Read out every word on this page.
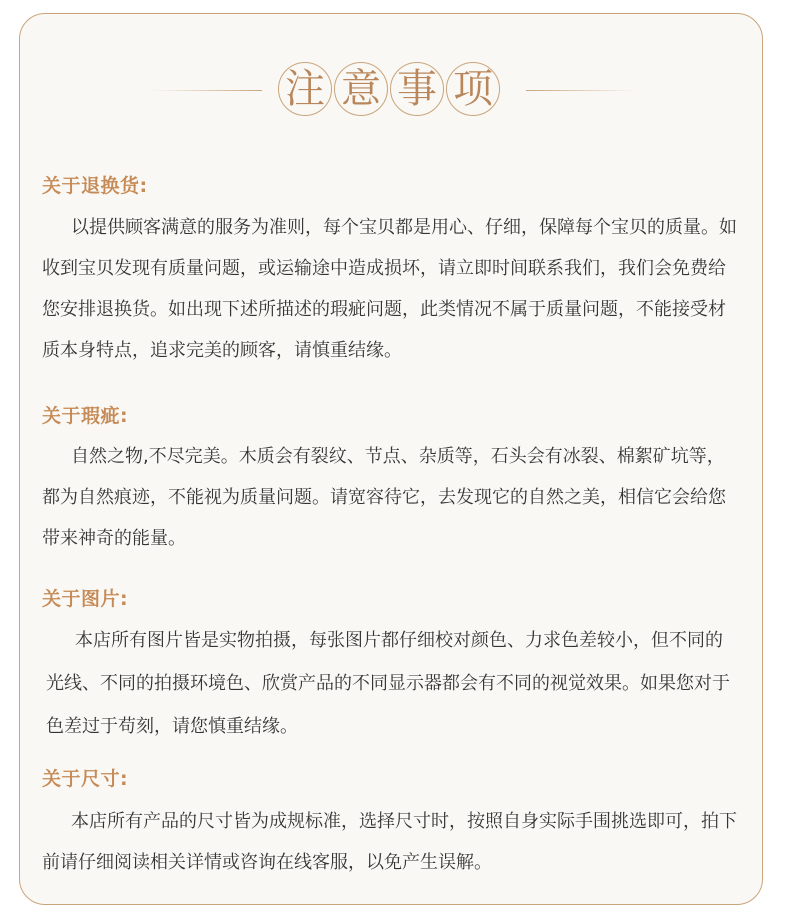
注 意 事 项
关于退换货:

以提供顾客满意的服务为准则，每个宝贝都是用心、仔细，保障每个宝贝的质量。如收到宝贝发现有质量问题，或运输途中造成损坏，请立即时间联系我们，我们会免费给您安排退换货。如出现下述所描述的瑕疵问题，此类情况不属于质量问题，不能接受材质本身特点，追求完美的顾客，请慎重结缘。

关于瑕疵:

自然之物,不尽完美。木质会有裂纹、节点、杂质等，石头会有冰裂、棉絮矿坑等，都为自然痕迹，不能视为质量问题。请宽容待它，去发现它的自然之美，相信它会给您带来神奇的能量。

关于图片:

本店所有图片皆是实物拍摄，每张图片都仔细校对颜色、力求色差较小，但不同的光线、不同的拍摄环境色、欣赏产品的不同显示器都会有不同的视觉效果。如果您对于色差过于苟刻，请您慎重结缘。

关于尺寸:

本店所有产品的尺寸皆为成规标准，选择尺寸时，按照自身实际手围挑选即可，拍下前请仔细阅读相关详情或咨询在线客服，以免产生误解。
